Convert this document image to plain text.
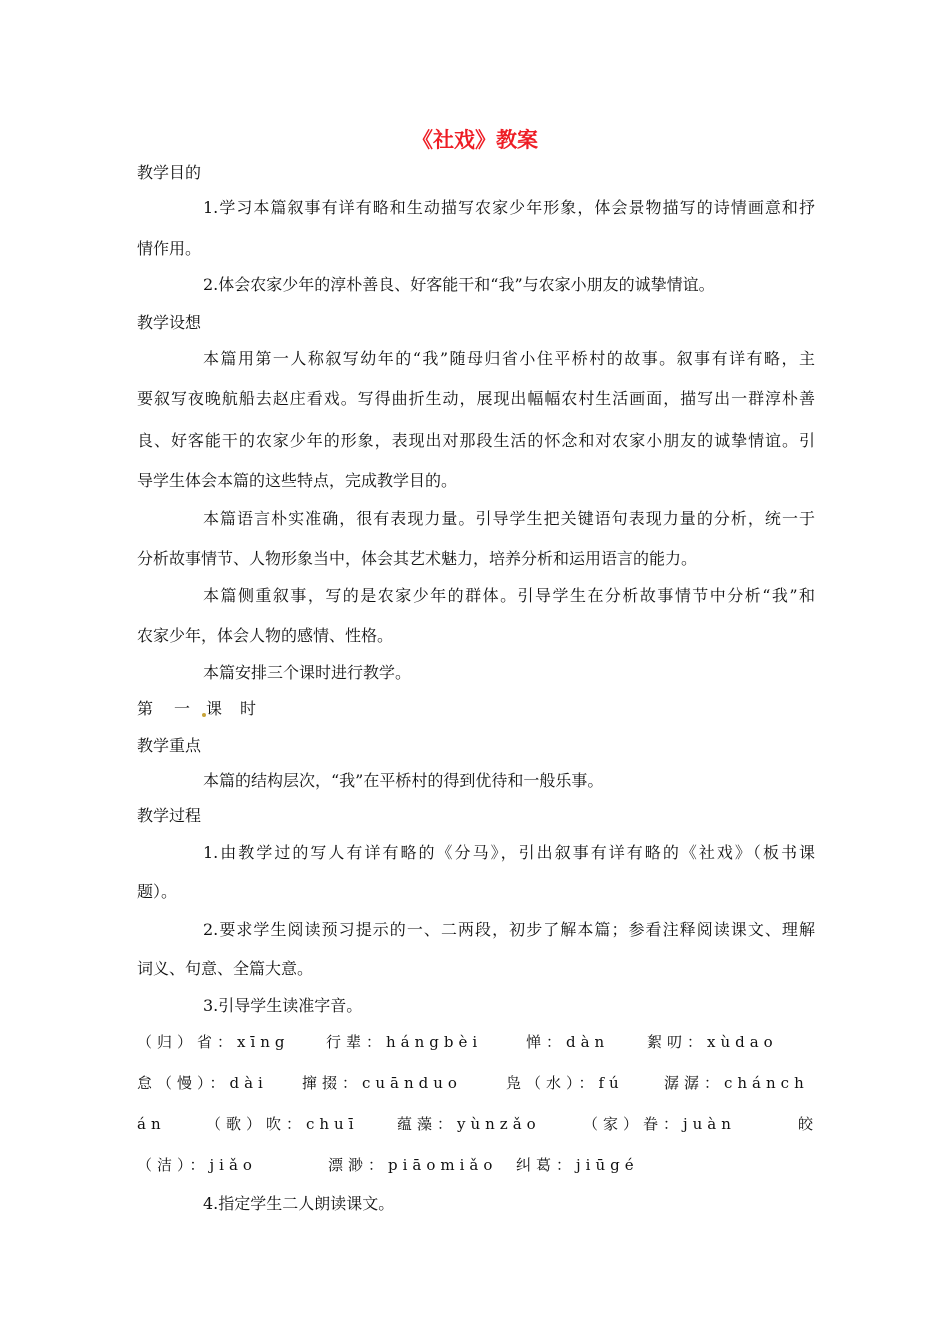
《社戏》教案
教学目的
1.学习本篇叙事有详有略和生动描写农家少年形象，体会景物描写的诗情画意和抒
情作用。
2.体会农家少年的淳朴善良、好客能干和“我”与农家小朋友的诚挚情谊。
教学设想
本篇用第一人称叙写幼年的“我”随母归省小住平桥村的故事。叙事有详有略，主
要叙写夜晚航船去赵庄看戏。写得曲折生动，展现出幅幅农村生活画面，描写出一群淳朴善
良、好客能干的农家少年的形象，表现出对那段生活的怀念和对农家小朋友的诚挚情谊。引
导学生体会本篇的这些特点，完成教学目的。
本篇语言朴实准确，很有表现力量。引导学生把关键语句表现力量的分析，统一于
分析故事情节、人物形象当中，体会其艺术魅力，培养分析和运用语言的能力。
本篇侧重叙事，写的是农家少年的群体。引导学生在分析故事情节中分析“我”和
农家少年，体会人物的感情、性格。
本篇安排三个课时进行教学。
第 一 课 时
教学重点
本篇的结构层次，“我”在平桥村的得到优待和一般乐事。
教学过程
1.由教学过的写人有详有略的《分马》，引出叙事有详有略的《社戏》（板书课
题）。
2.要求学生阅读预习提示的一、二两段，初步了解本篇；参看注释阅读课文、理解
词义、句意、全篇大意。
3.引导学生读准字音。
（归）省：xīng 行辈：hángbèi	惮：dàn	絮叨：xùdao
怠（慢）：dài 撺掇：cuānduo	凫（水）：fú	潺潺：chánch
án	（歌）吹：chuī	蕴藻：yùnzǎo	（家）眷：juàn	皎
（洁）：jiǎo	漂渺：piāomiǎo 纠葛：jiūgé
4.指定学生二人朗读课文。
